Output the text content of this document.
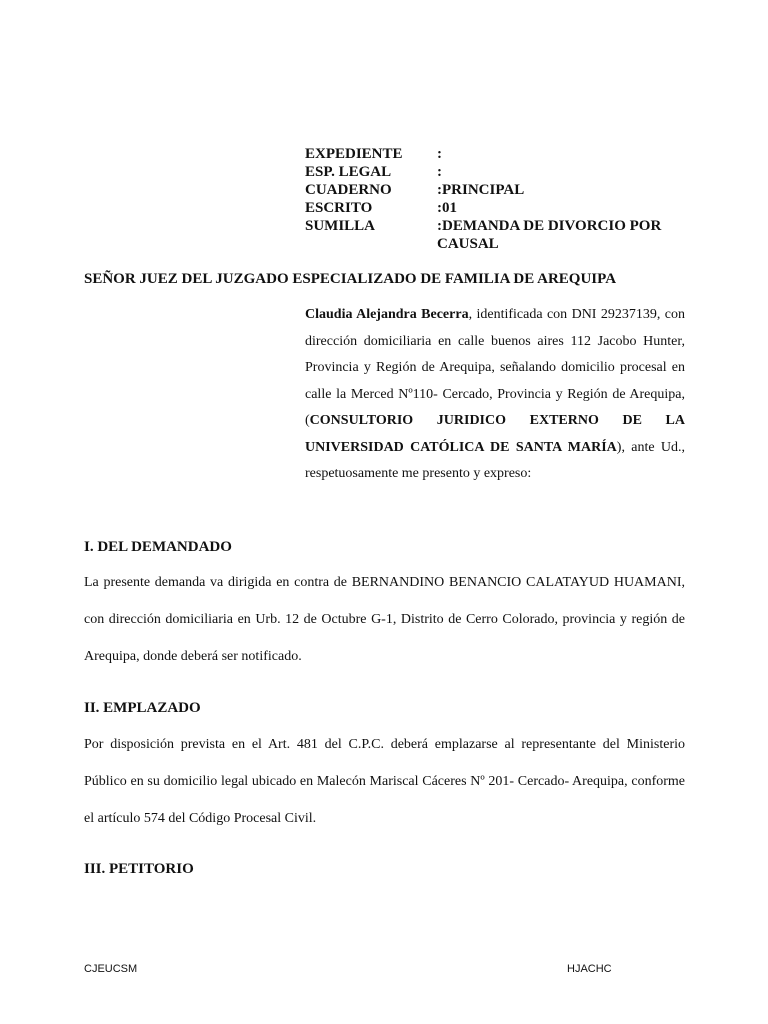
EXPEDIENTE	:
ESP. LEGAL	:
CUADERNO	:PRINCIPAL
ESCRITO	:01
SUMILLA	:DEMANDA DE DIVORCIO POR CAUSAL
SEÑOR JUEZ DEL JUZGADO ESPECIALIZADO DE FAMILIA DE AREQUIPA
Claudia Alejandra Becerra, identificada con DNI 29237139, con dirección domiciliaria en calle buenos aires 112 Jacobo Hunter, Provincia y Región de Arequipa, señalando domicilio procesal en calle la Merced Nº110- Cercado, Provincia y Región de Arequipa, (CONSULTORIO JURIDICO EXTERNO DE LA UNIVERSIDAD CATÓLICA DE SANTA MARÍA), ante Ud., respetuosamente me presento y expreso:
I. DEL DEMANDADO
La presente demanda va dirigida en contra de BERNANDINO BENANCIO CALATAYUD HUAMANI, con dirección domiciliaria en Urb. 12 de Octubre G-1, Distrito de Cerro Colorado, provincia y región de Arequipa, donde deberá ser notificado.
II. EMPLAZADO
Por disposición prevista en el Art. 481 del C.P.C. deberá emplazarse al representante del Ministerio Público en su domicilio legal ubicado en Malecón Mariscal Cáceres Nº 201- Cercado- Arequipa, conforme el artículo 574 del Código Procesal Civil.
III. PETITORIO
CJEUCSM	HJACHC
